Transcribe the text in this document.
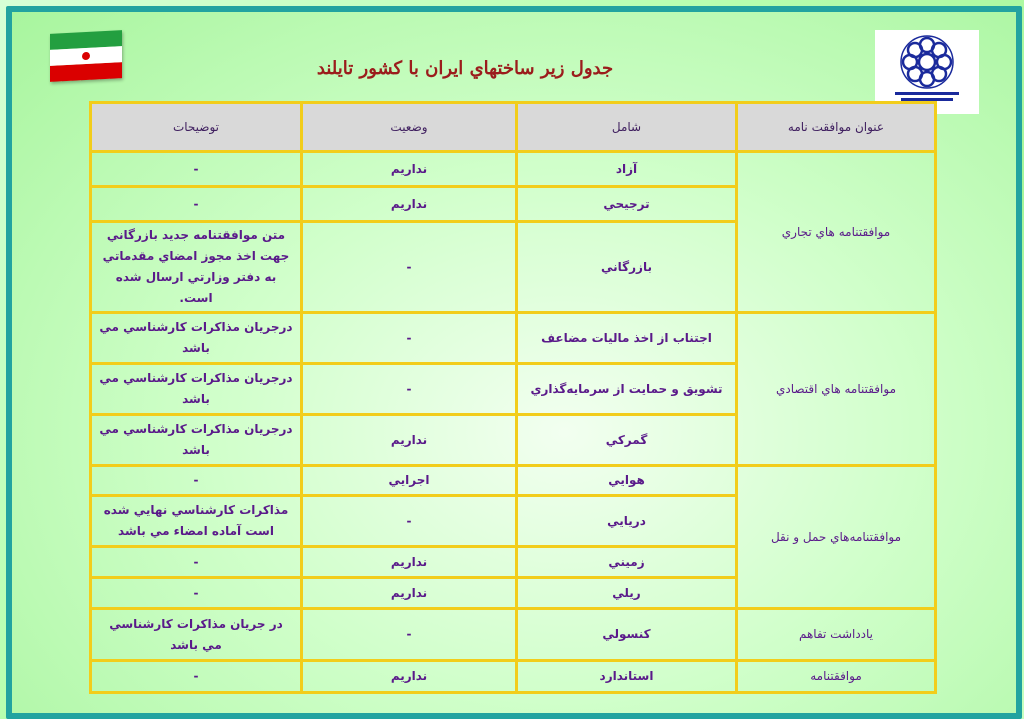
جدول زیر ساختهاي ايران با كشور تايلند
عنوان موافقت نامه	شامل	وضعيت	توضيحات
موافقتنامه هاي تجاري	آزاد	نداريم	-
	ترجيحي	نداريم	-
	بازرگاني	-	متن موافقتنامه جديد بازرگاني جهت اخذ مجوز امضاي مقدماتي به دفتر وزارتي ارسال شده است.
موافقتنامه هاي اقتصادي	اجتناب از اخذ ماليات مضاعف	-	درجريان مذاكرات كارشناسي مي باشد
	تشويق و حمايت از سرمايه‌گذاري	-	درجريان مذاكرات كارشناسي مي باشد
	گمركي	نداريم	درجريان مذاكرات كارشناسي مي باشد
موافقتنامه‌هاي حمل و نقل	هوايي	اجرايي	-
	دريايي	-	مذاكرات كارشناسي نهايي شده است آماده امضاء مي باشد
	زميني	نداريم	-
	ريلي	نداريم	-
يادداشت تفاهم	كنسولي	-	در جريان مذاكرات كارشناسي مي باشد
موافقتنامه	استاندارد	نداريم	-
